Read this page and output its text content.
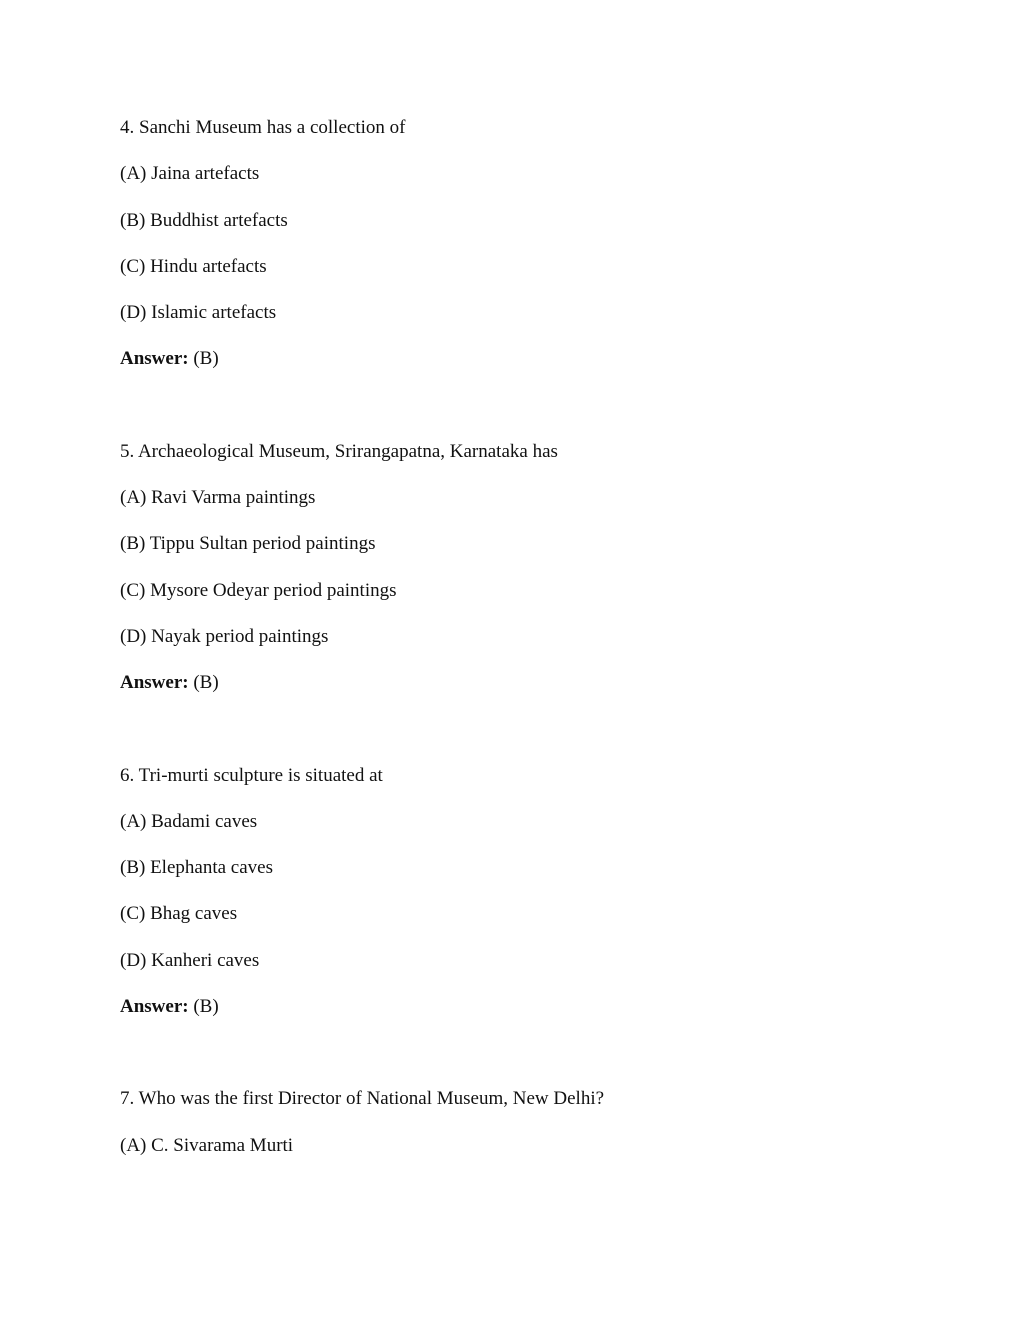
4. Sanchi Museum has a collection of
(A) Jaina artefacts
(B) Buddhist artefacts
(C) Hindu artefacts
(D) Islamic artefacts
Answer: (B)
5. Archaeological Museum, Srirangapatna, Karnataka has
(A) Ravi Varma paintings
(B) Tippu Sultan period paintings
(C) Mysore Odeyar period paintings
(D) Nayak period paintings
Answer: (B)
6. Tri-murti sculpture is situated at
(A) Badami caves
(B) Elephanta caves
(C) Bhag caves
(D) Kanheri caves
Answer: (B)
7. Who was the first Director of National Museum, New Delhi?
(A) C. Sivarama Murti
